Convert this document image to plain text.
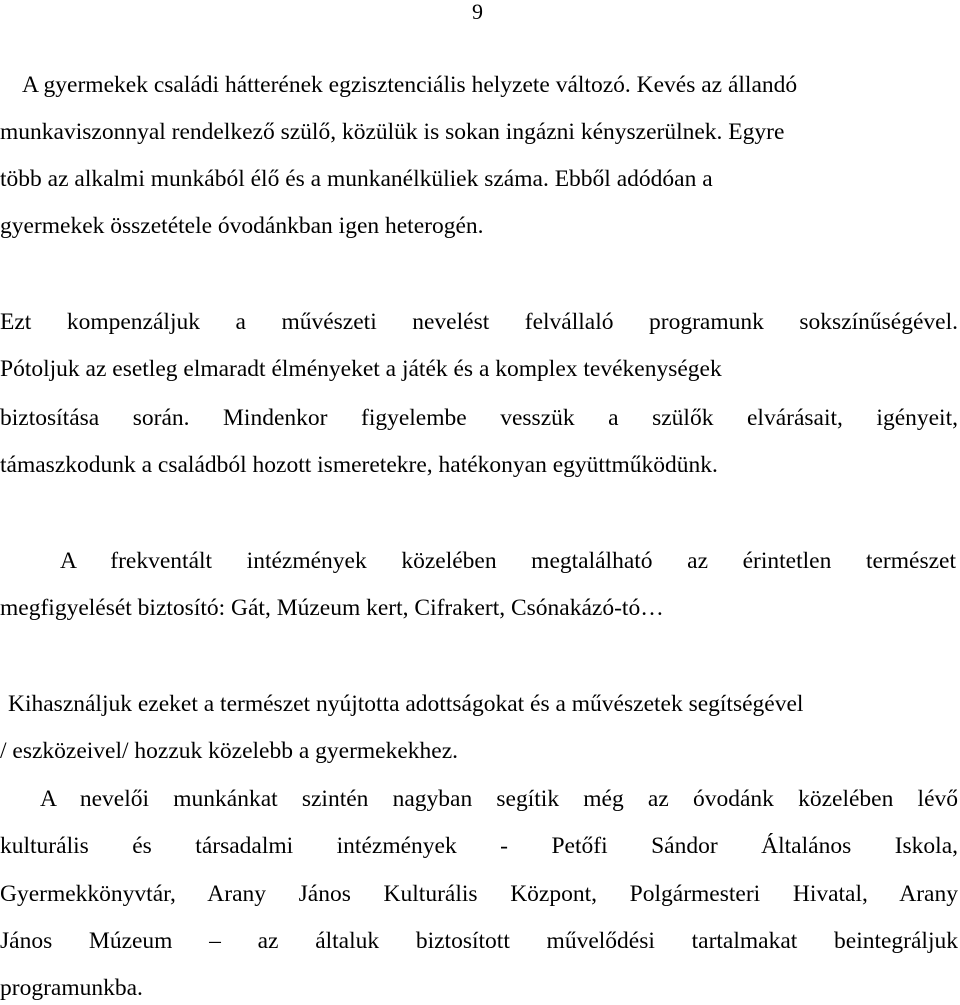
9
A gyermekek családi hátterének egzisztenciális helyzete változó. Kevés az állandó
munkaviszonnyal rendelkező szülő, közülük is sokan ingázni kényszerülnek. Egyre
több az alkalmi munkából élő és a munkanélküliek száma. Ebből adódóan a
gyermekek összetétele óvodánkban igen heterogén.
Ezt kompenzáljuk a művészeti nevelést felvállaló programunk sokszínűségével.
Pótoljuk az esetleg elmaradt élményeket a játék és a komplex tevékenységek
biztosítása során. Mindenkor figyelembe vesszük a szülők elvárásait, igényeit,
támaszkodunk a családból hozott ismeretekre, hatékonyan együttműködünk.
A frekventált intézmények közelében megtalálható az érintetlen természet
megfigyelését biztosító: Gát, Múzeum kert, Cifrakert, Csónakázó-tó…
Kihasználjuk ezeket a természet nyújtotta adottságokat és a művészetek segítségével
/ eszközeivel/ hozzuk közelebb a gyermekekhez.
A nevelői munkánkat szintén nagyban segítik még az óvodánk közelében lévő
kulturális és társadalmi intézmények - Petőfi Sándor Általános Iskola,
Gyermekkönyvtár, Arany János Kulturális Központ, Polgármesteri Hivatal, Arany
János Múzeum – az általuk biztosított művelődési tartalmakat beintegráljuk
programunkba.
